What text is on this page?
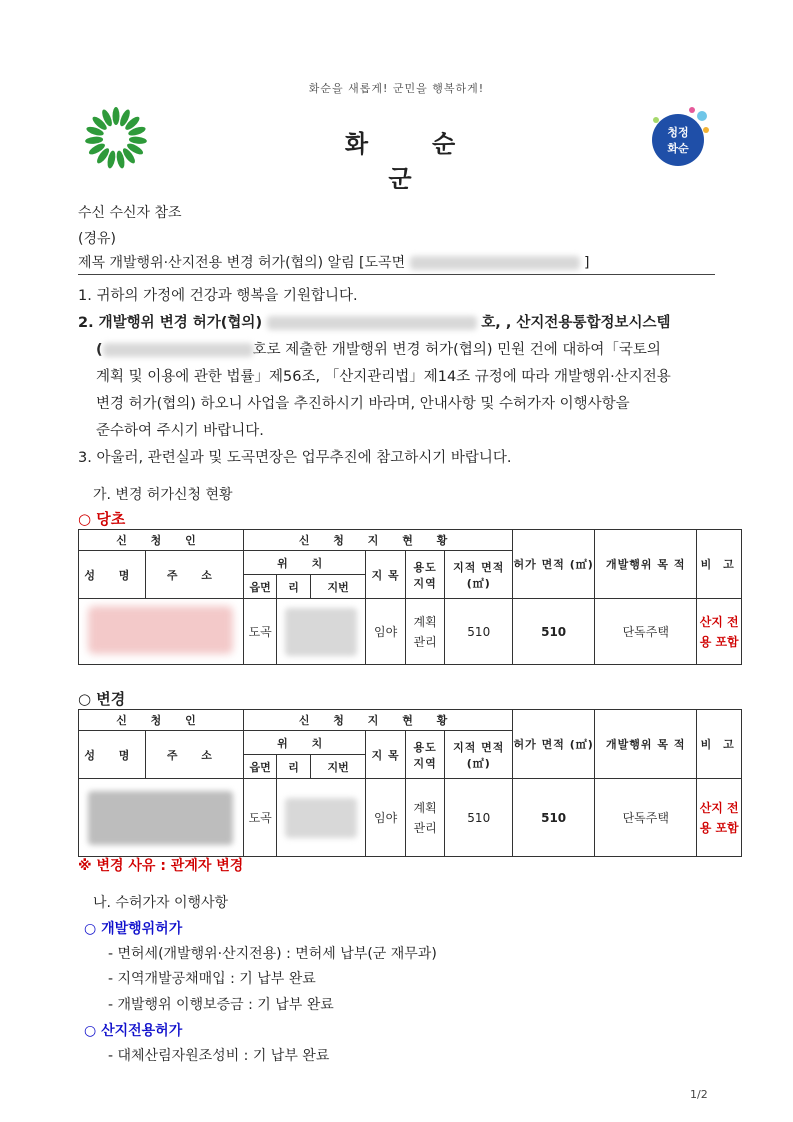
화순을 새롭게! 군민을 행복하게!
화순군
청정
화순
수신 수신자 참조
(경유)
제목 개발행위·산지전용 변경 허가(협의) 알림 [도곡면	]
1. 귀하의 가정에 건강과 행복을 기원합니다.
2. 개발행위 변경 허가(협의)	호, , 산지전용통합정보시스템
(	호로 제출한 개발행위 변경 허가(협의) 민원 건에 대하여「국토의
계획 및 이용에 관한 법률」제56조, 「산지관리법」제14조 규정에 따라 개발행위·산지전용
변경 허가(협의) 하오니 사업을 추진하시기 바라며, 안내사항 및 수허가자 이행사항을
준수하여 주시기 바랍니다.
3. 아울러, 관련실과 및 도곡면장은 업무추진에 참고하시기 바랍니다.
가. 변경 허가신청 현황
○ 당초
신 청 인		신 청 지 현 황						허가 면적 (㎡)	개발행위 목 적	비 고
성 명	주 소	위 치			지 목	용도 지역	지적 면적 (㎡)			
		읍면	리	지번						
		도곡			임야	계획 관리	510	510	단독주택	산지 전용 포함
○ 변경
신 청 인		신 청 지 현 황						허가 면적 (㎡)	개발행위 목 적	비 고
성 명	주 소	위 치			지 목	용도 지역	지적 면적 (㎡)			
		읍면	리	지번						
		도곡			임야	계획 관리	510	510	단독주택	산지 전용 포함
※ 변경 사유 : 관계자 변경
나. 수허가자 이행사항
○ 개발행위허가
- 면허세(개발행위·산지전용) : 면허세 납부(군 재무과)
- 지역개발공채매입 : 기 납부 완료
- 개발행위 이행보증금 : 기 납부 완료
○ 산지전용허가
- 대체산림자원조성비 : 기 납부 완료
1/2
